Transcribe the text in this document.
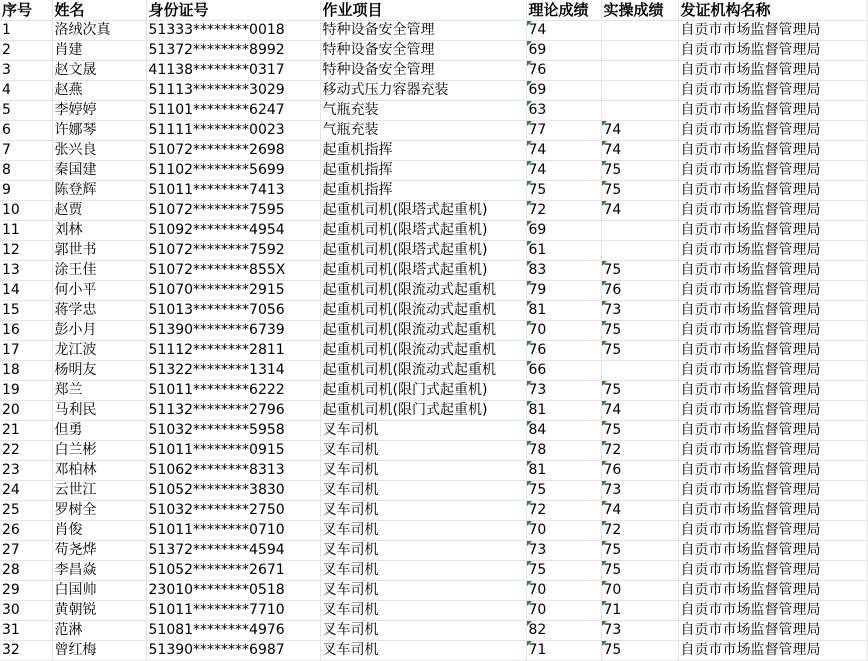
序号	姓名	身份证号	作业项目	理论成绩	实操成绩	发证机构名称
1	洛绒次真	51333********0018	特种设备安全管理	74		自贡市市场监督管理局
2	肖建	51372********8992	特种设备安全管理	69		自贡市市场监督管理局
3	赵文晟	41138********0317	特种设备安全管理	76		自贡市市场监督管理局
4	赵燕	51113********3029	移动式压力容器充装	69		自贡市市场监督管理局
5	李婷婷	51101********6247	气瓶充装	63		自贡市市场监督管理局
6	许娜琴	51111********0023	气瓶充装	77	74	自贡市市场监督管理局
7	张兴良	51072********2698	起重机指挥	74	74	自贡市市场监督管理局
8	秦国建	51102********5699	起重机指挥	74	75	自贡市市场监督管理局
9	陈登辉	51011********7413	起重机指挥	75	75	自贡市市场监督管理局
10	赵贾	51072********7595	起重机司机(限塔式起重机)	72	74	自贡市市场监督管理局
11	刘林	51092********4954	起重机司机(限塔式起重机)	69		自贡市市场监督管理局
12	郭世书	51072********7592	起重机司机(限塔式起重机)	61		自贡市市场监督管理局
13	涂王佳	51072********855X	起重机司机(限塔式起重机)	83	75	自贡市市场监督管理局
14	何小平	51070********2915	起重机司机(限流动式起重机	79	76	自贡市市场监督管理局
15	蒋学忠	51013********7056	起重机司机(限流动式起重机	81	73	自贡市市场监督管理局
16	彭小月	51390********6739	起重机司机(限流动式起重机	70	75	自贡市市场监督管理局
17	龙江波	51112********2811	起重机司机(限流动式起重机	76	75	自贡市市场监督管理局
18	杨明友	51322********1314	起重机司机(限流动式起重机	66		自贡市市场监督管理局
19	郑兰	51011********6222	起重机司机(限门式起重机)	73	75	自贡市市场监督管理局
20	马利民	51132********2796	起重机司机(限门式起重机)	81	74	自贡市市场监督管理局
21	但勇	51032********5958	叉车司机	84	75	自贡市市场监督管理局
22	白兰彬	51011********0915	叉车司机	78	72	自贡市市场监督管理局
23	邓柏林	51062********8313	叉车司机	81	76	自贡市市场监督管理局
24	云世江	51052********3830	叉车司机	75	73	自贡市市场监督管理局
25	罗树全	51032********2750	叉车司机	72	74	自贡市市场监督管理局
26	肖俊	51011********0710	叉车司机	70	72	自贡市市场监督管理局
27	苟尧烨	51372********4594	叉车司机	73	75	自贡市市场监督管理局
28	李昌焱	51052********2671	叉车司机	75	75	自贡市市场监督管理局
29	白国帅	23010********0518	叉车司机	70	70	自贡市市场监督管理局
30	黄朝锐	51011********7710	叉车司机	70	71	自贡市市场监督管理局
31	范淋	51081********4976	叉车司机	82	73	自贡市市场监督管理局
32	曾红梅	51390********6987	叉车司机	71	75	自贡市市场监督管理局
